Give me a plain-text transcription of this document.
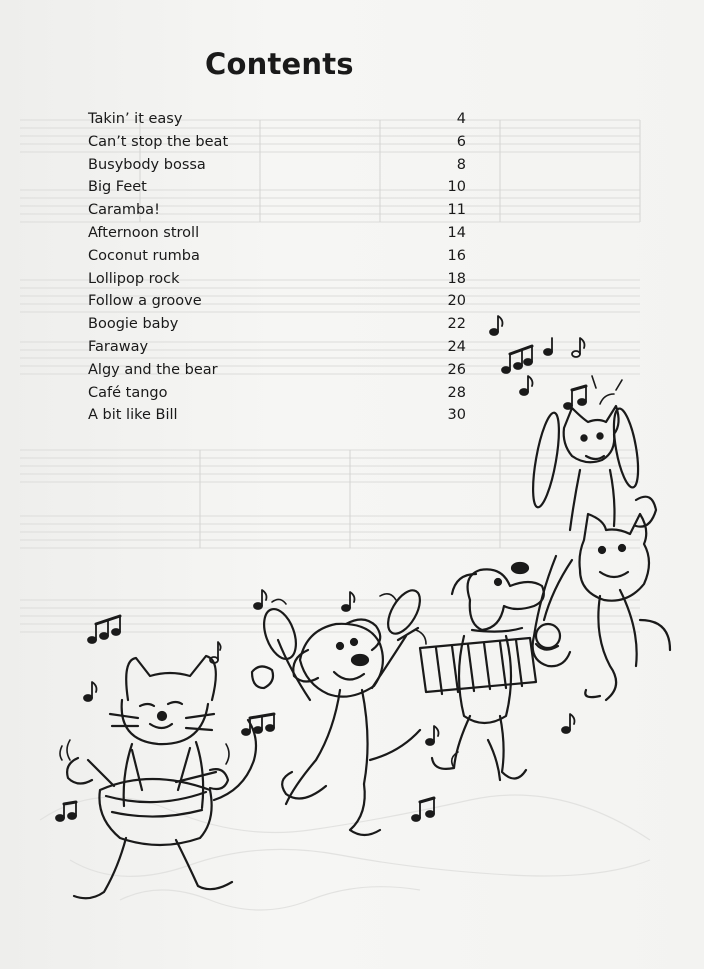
Contents
Takin’ it easy	4
Can’t stop the beat	6
Busybody bossa	8
Big Feet	10
Caramba!	11
Afternoon stroll	14
Coconut rumba	16
Lollipop rock	18
Follow a groove	20
Boogie baby	22
Faraway	24
Algy and the bear	26
Café tango	28
A bit like Bill	30
